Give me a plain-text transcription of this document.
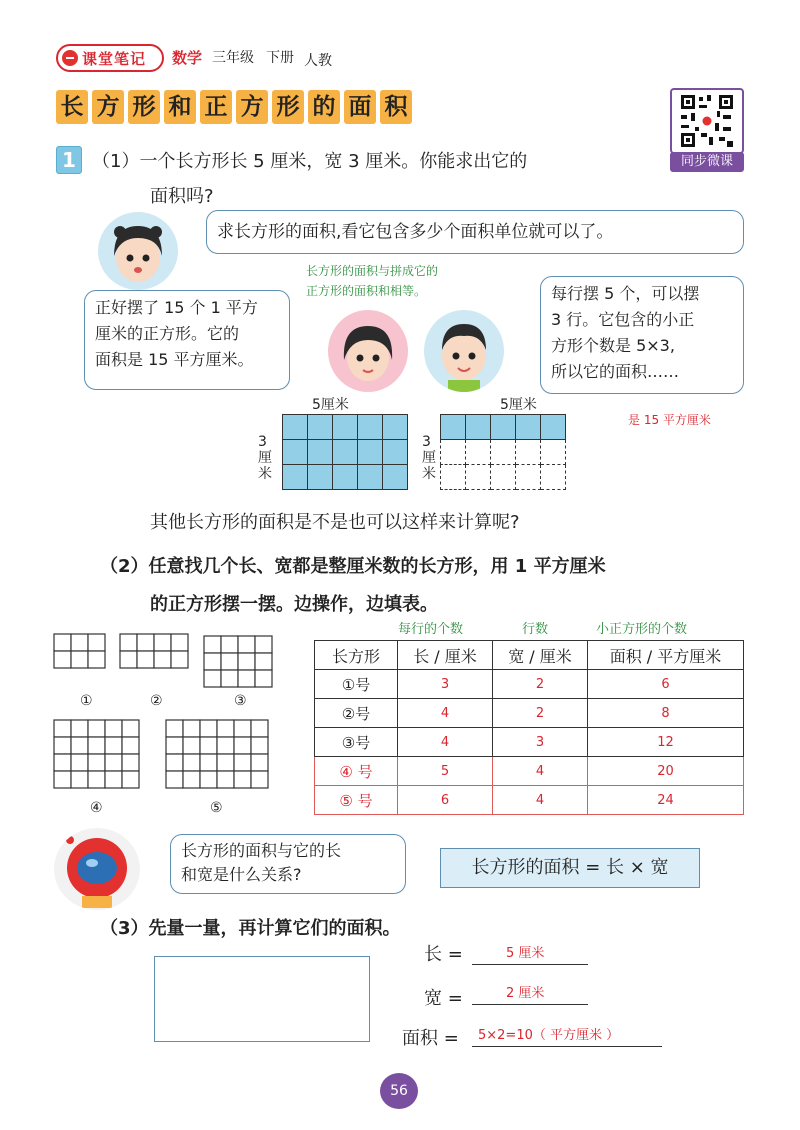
课堂笔记 数学 三年级 下册 人教
长 方 形 和 正 方 形 的 面 积
同步微课
1 （1）一个长方形长 5 厘米，宽 3 厘米。你能求出它的
面积吗?
求长方形的面积,看它包含多少个面积单位就可以了。
长方形的面积与拼成它的
正方形的面积和相等。
正好摆了 15 个 1 平方
厘米的正方形。它的
面积是 15 平方厘米。
每行摆 5 个，可以摆
3 行。它包含的小正
方形个数是 5×3,
所以它的面积……
是 15 平方厘米
5厘米
3厘米

5厘米
3厘米

其他长方形的面积是不是也可以这样来计算呢?
（2）任意找几个长、宽都是整厘米数的长方形，用 1 平方厘米
的正方形摆一摆。边操作，边填表。
①	②	③
④	⑤
每行的个数	行数	小正方形的个数
长方形	长 / 厘米	宽 / 厘米	面积 / 平方厘米
①号	3	2	6
②号	4	2	8
③号	4	3	12
④ 号	5	4	20
⑤ 号	6	4	24
长方形的面积与它的长
和宽是什么关系?	长方形的面积 = 长 × 宽
（3）先量一量，再计算它们的面积。
长 =	5 厘米
宽 =	2 厘米
面积 = 5×2=10（ 平方厘米 ）
56
